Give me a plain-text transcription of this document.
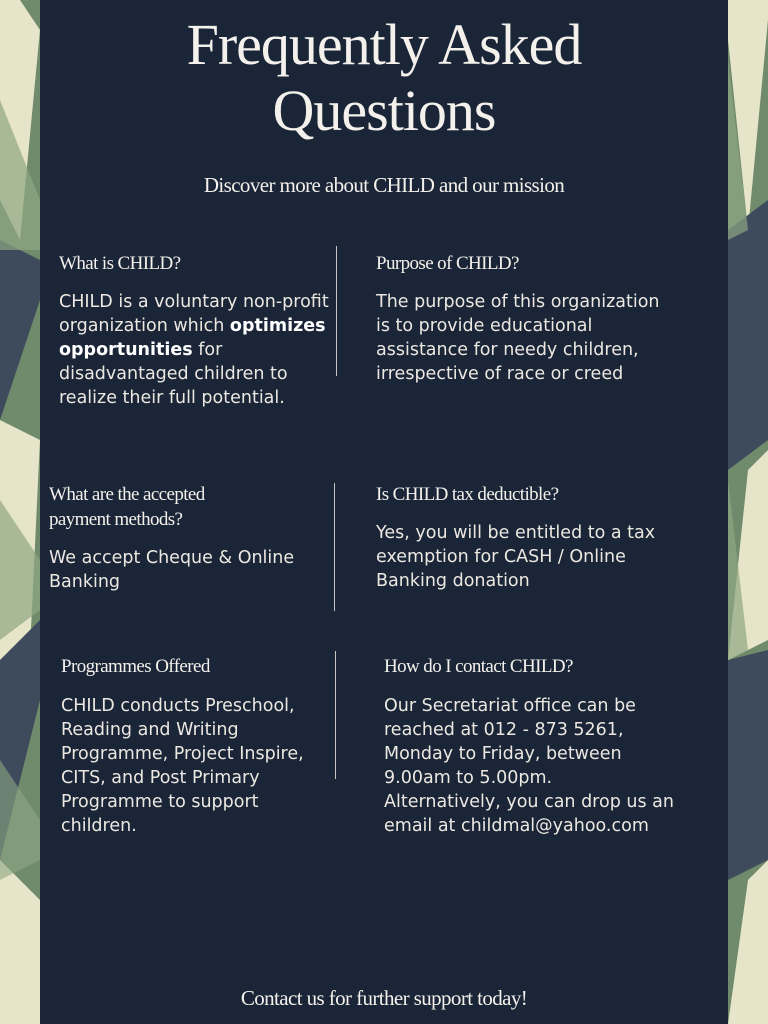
Frequently Asked Questions
Discover more about CHILD and our mission
What is CHILD?
CHILD is a voluntary non-profit organization which optimizes opportunities for disadvantaged children to realize their full potential.
Purpose of CHILD?
The purpose of this organization is to provide educational assistance for needy children, irrespective of race or creed
What are the accepted payment methods?
We accept Cheque & Online Banking
Is CHILD tax deductible?
Yes, you will be entitled to a tax exemption for CASH / Online Banking donation
Programmes Offered
CHILD conducts Preschool, Reading and Writing Programme, Project Inspire, CITS, and Post Primary Programme to support children.
How do I contact CHILD?
Our Secretariat office can be reached at 012 - 873 5261, Monday to Friday, between 9.00am to 5.00pm. Alternatively, you can drop us an email at childmal@yahoo.com
Contact us for further support today!
